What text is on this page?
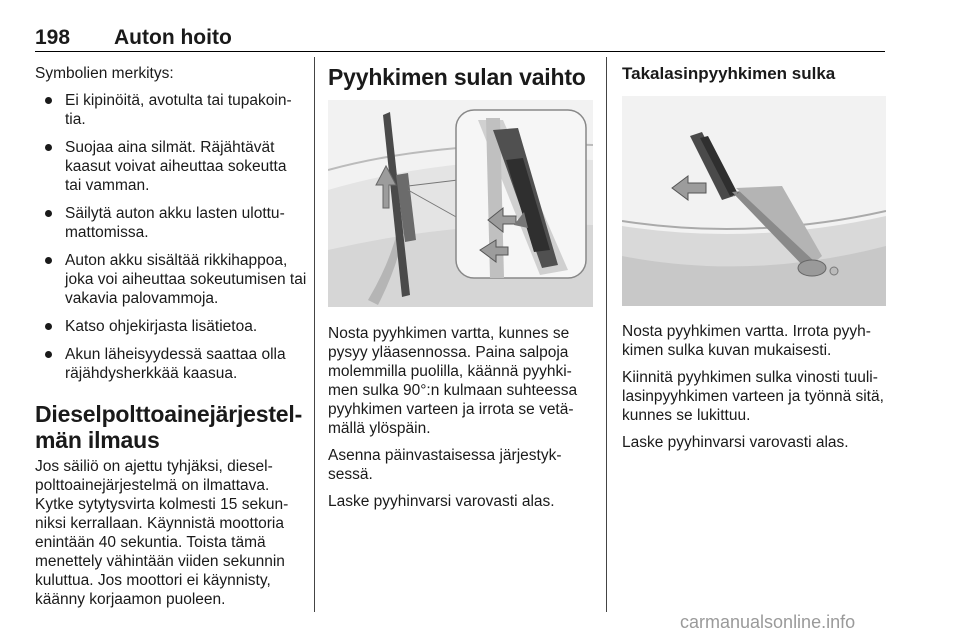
198 Auton hoito

Symbolien merkitys:

Ei kipinöitä, avotulta tai tupakointia.
Suojaa aina silmät. Räjähtävät kaasut voivat aiheuttaa sokeutta tai vamman.
Säilytä auton akku lasten ulottumattomissa.
Auton akku sisältää rikkihappoa, joka voi aiheuttaa sokeutumisen tai vakavia palovammoja.
Katso ohjekirjasta lisätietoa.
Akun läheisyydessä saattaa olla räjähdysherkkää kaasua.
Dieselpolttoainejärjestelmän ilmaus

Jos säiliö on ajettu tyhjäksi, dieselpolttoainejärjestelmä on ilmattava. Kytke sytytysvirta kolmesti 15 sekunniksi kerrallaan. Käynnistä moottoria enintään 40 sekuntia. Toista tämä menettely vähintään viiden sekunnin kuluttua. Jos moottori ei käynnisty, käänny korjaamon puoleen.

Pyyhkimen sulan vaihto

Nosta pyyhkimen vartta, kunnes se pysyy yläasennossa. Paina salpoja molemmilla puolilla, käännä pyyhkimen sulka 90°:n kulmaan suhteessa pyyhkimen varteen ja irrota se vetämällä ylöspäin.

Asenna päinvastaisessa järjestyksessä.

Laske pyyhinvarsi varovasti alas.

Takalasinpyyhkimen sulka

Nosta pyyhkimen vartta. Irrota pyyhkimen sulka kuvan mukaisesti.

Kiinnitä pyyhkimen sulka vinosti tuulilasinpyyhkimen varteen ja työnnä sitä, kunnes se lukittuu.

Laske pyyhinvarsi varovasti alas.

carmanualsonline.info
